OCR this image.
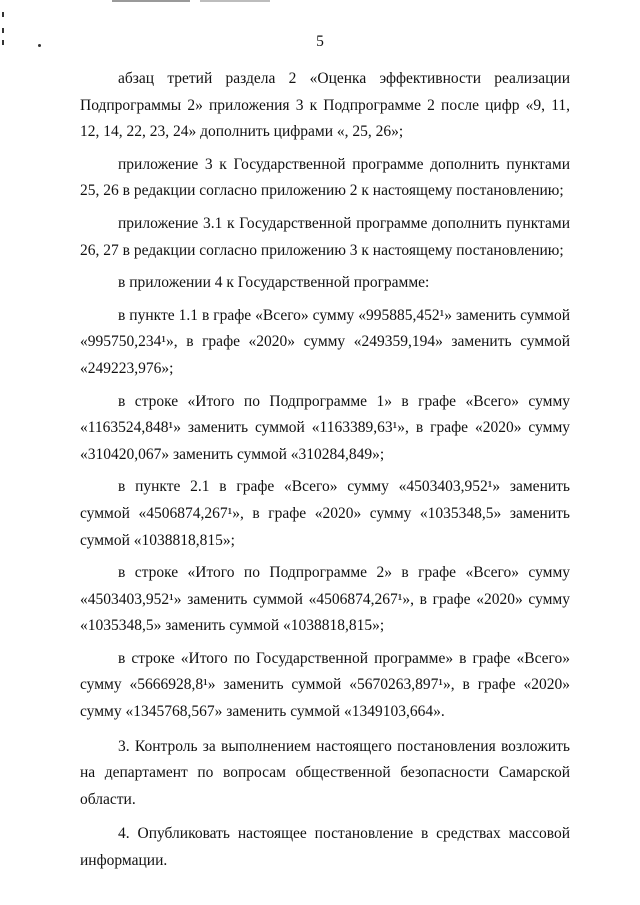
5

абзац третий раздела 2 «Оценка эффективности реализации Подпрограммы 2» приложения 3 к Подпрограмме 2 после цифр «9, 11, 12, 14, 22, 23, 24» дополнить цифрами «, 25, 26»;

приложение 3 к Государственной программе дополнить пунктами 25, 26 в редакции согласно приложению 2 к настоящему постановлению;

приложение 3.1 к Государственной программе дополнить пунктами 26, 27 в редакции согласно приложению 3 к настоящему постановлению;

в приложении 4 к Государственной программе:

в пункте 1.1 в графе «Всего» сумму «995885,452¹» заменить суммой «995750,234¹», в графе «2020» сумму «249359,194» заменить суммой «249223,976»;

в строке «Итого по Подпрограмме 1» в графе «Всего» сумму «1163524,848¹» заменить суммой «1163389,63¹», в графе «2020» сумму «310420,067» заменить суммой «310284,849»;

в пункте 2.1 в графе «Всего» сумму «4503403,952¹» заменить суммой «4506874,267¹», в графе «2020» сумму «1035348,5» заменить суммой «1038818,815»;

в строке «Итого по Подпрограмме 2» в графе «Всего» сумму «4503403,952¹» заменить суммой «4506874,267¹», в графе «2020» сумму «1035348,5» заменить суммой «1038818,815»;

в строке «Итого по Государственной программе» в графе «Всего» сумму «5666928,8¹» заменить суммой «5670263,897¹», в графе «2020» сумму «1345768,567» заменить суммой «1349103,664».

3. Контроль за выполнением настоящего постановления возложить на департамент по вопросам общественной безопасности Самарской области.

4. Опубликовать настоящее постановление в средствах массовой информации.
